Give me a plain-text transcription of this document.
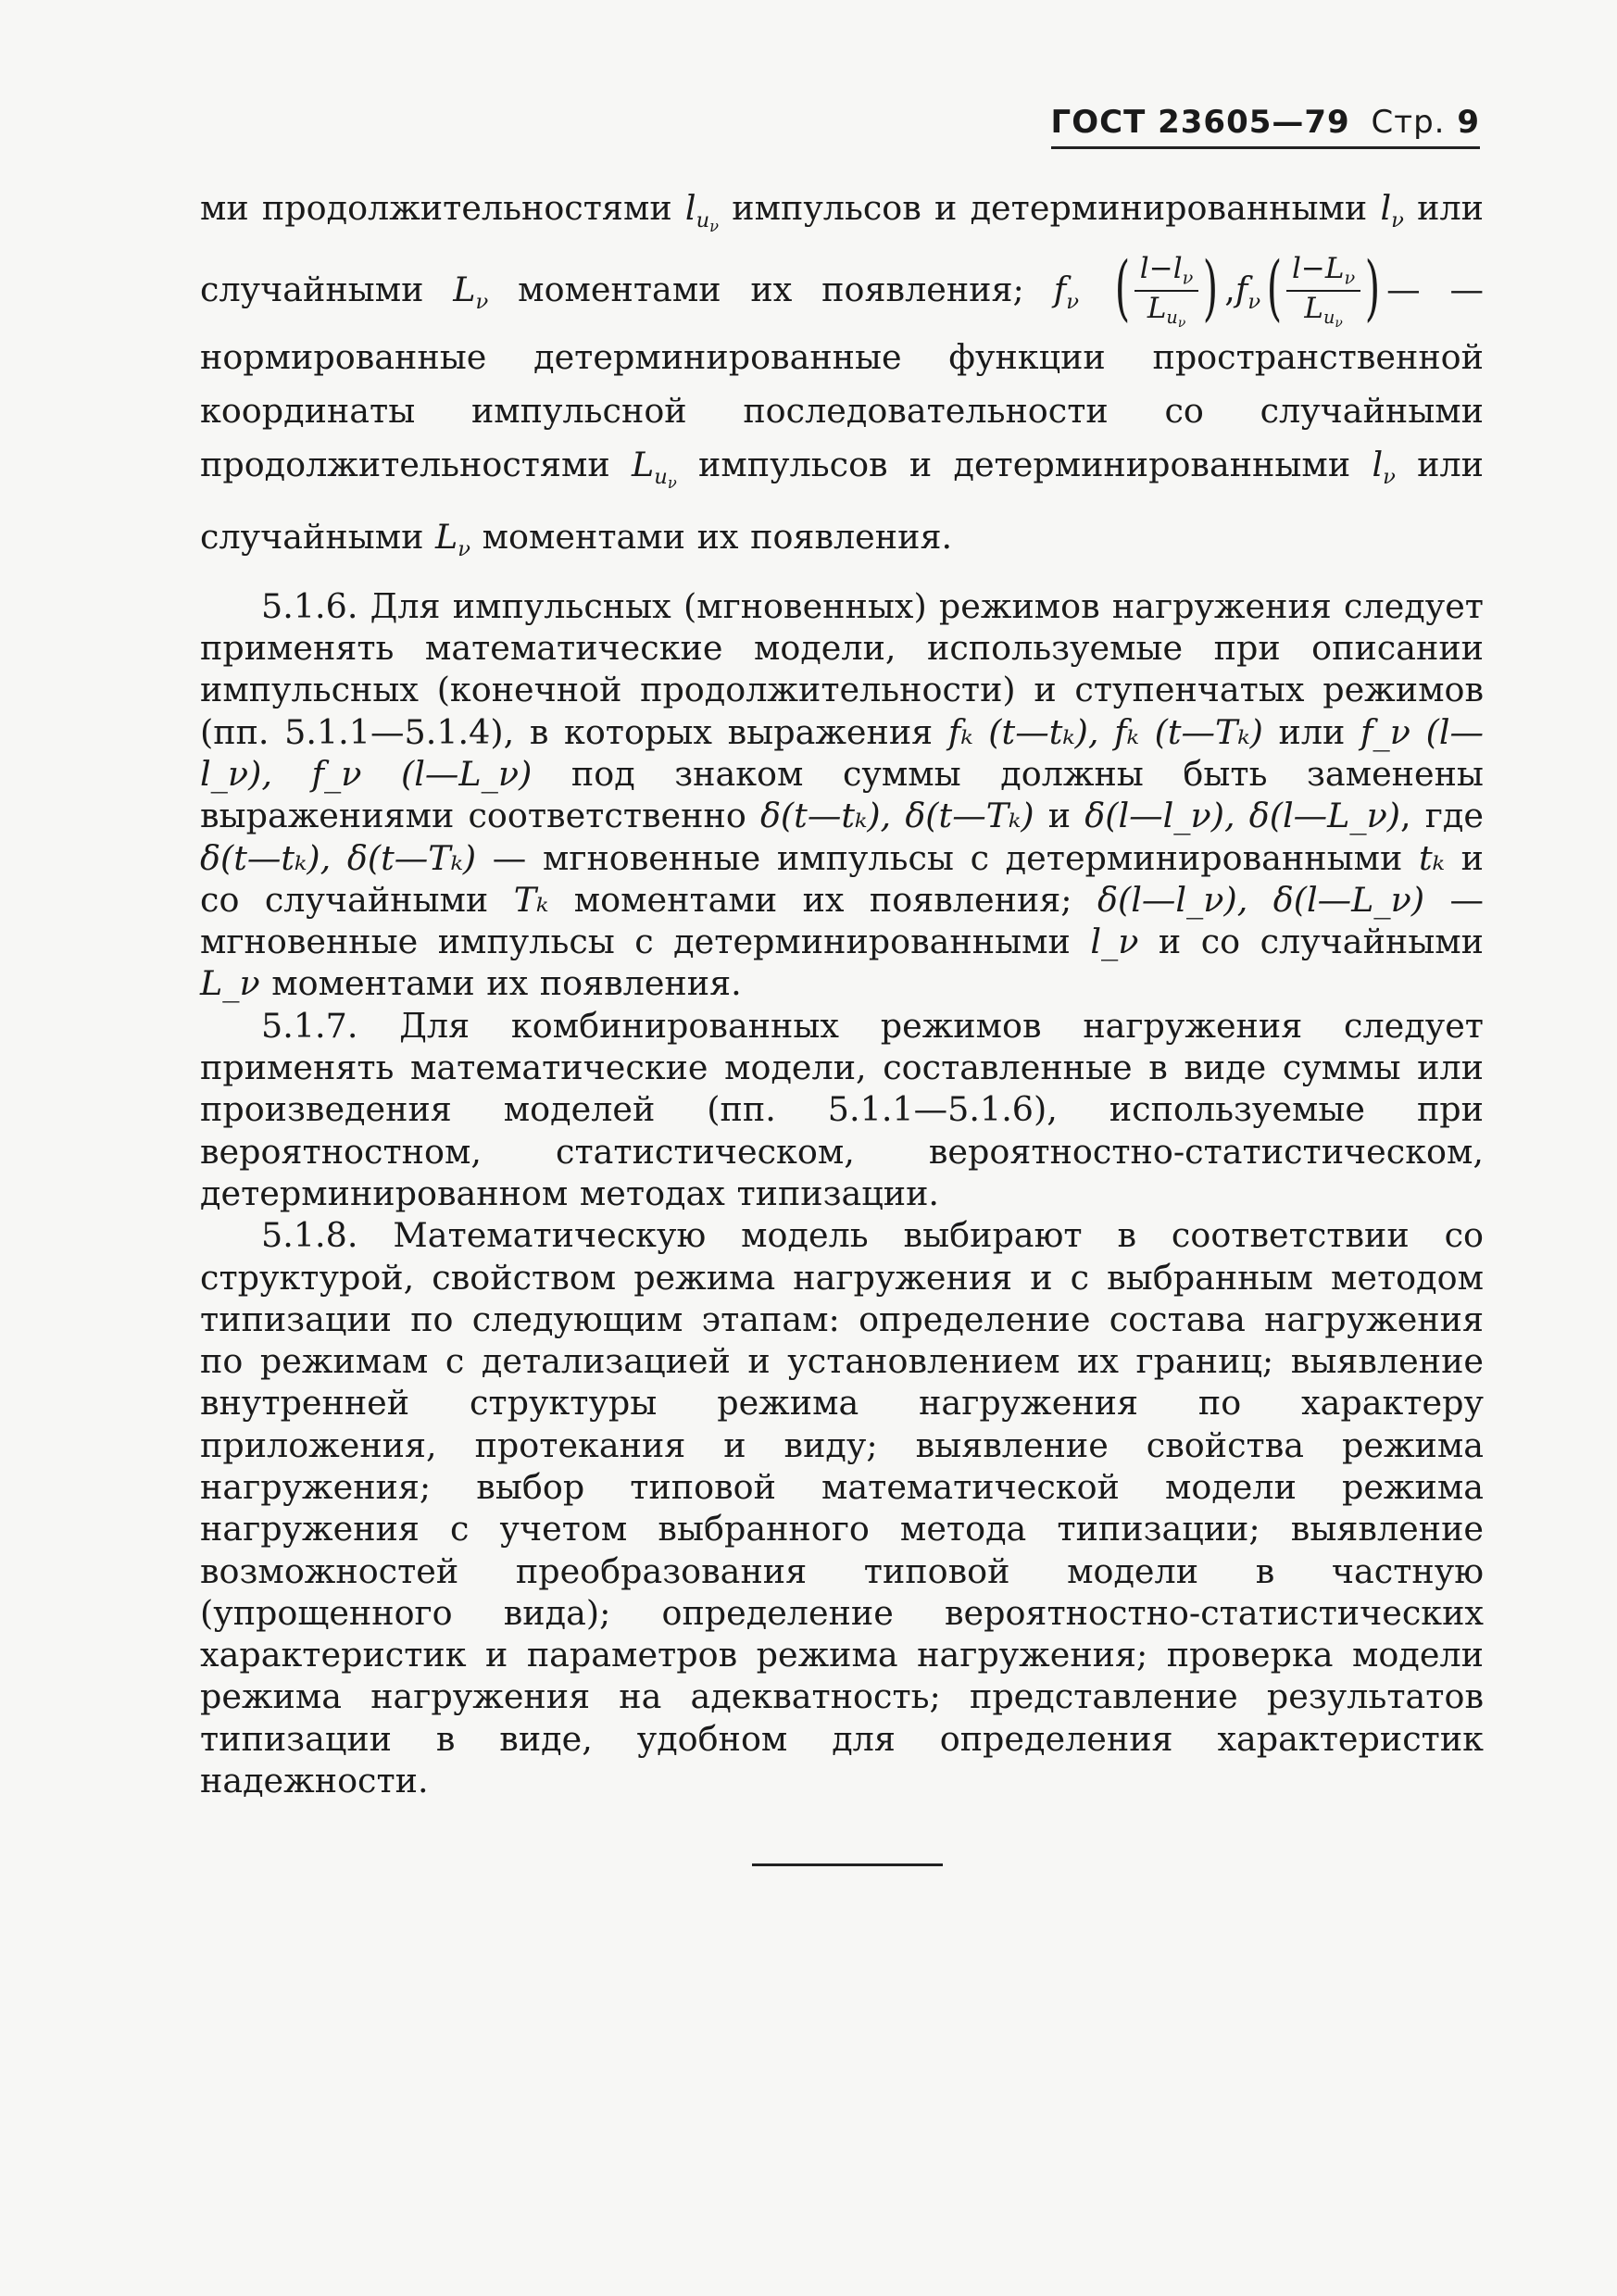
ГОСТ 23605—79 Стр. 9

ми продолжительностями $l_{u_\nu}$ импульсов и детерминированными $l_\nu$ или случайными $L_\nu$ моментами их появления; $f_\nu$ ( $\frac{l-l_\nu}{L_{u_\nu}}$ ) $,f_\nu$ ( $\frac{l-L_\nu}{L_{u_\nu}}$ ) — — нормированные детерминированные функции пространственной координаты импульсной последовательности со случайными продолжительностями $L_{u_\nu}$ импульсов и детерминированными $l_\nu$ или случайными $L_\nu$ моментами их появления.

5.1.6. Для импульсных (мгновенных) режимов нагружения следует применять математические модели, используемые при описании импульсных (конечной продолжительности) и ступенчатых режимов (пп. 5.1.1—5.1.4), в которых выражения fₖ (t—tₖ), fₖ (t—Tₖ) или f_ν (l—l_ν), f_ν (l—L_ν) под знаком суммы должны быть заменены выражениями соответственно δ(t—tₖ), δ(t—Tₖ) и δ(l—l_ν), δ(l—L_ν), где δ(t—tₖ), δ(t—Tₖ) — мгновенные импульсы с детерминированными tₖ и со случайными Tₖ моментами их появления; δ(l—l_ν), δ(l—L_ν) — мгновенные импульсы с детерминированными l_ν и со случайными L_ν моментами их появления.

5.1.7. Для комбинированных режимов нагружения следует применять математические модели, составленные в виде суммы или произведения моделей (пп. 5.1.1—5.1.6), используемые при вероятностном, статистическом, вероятностно-статистическом, детерминированном методах типизации.

5.1.8. Математическую модель выбирают в соответствии со структурой, свойством режима нагружения и с выбранным методом типизации по следующим этапам: определение состава нагружения по режимам с детализацией и установлением их границ; выявление внутренней структуры режима нагружения по характеру приложения, протекания и виду; выявление свойства режима нагружения; выбор типовой математической модели режима нагружения с учетом выбранного метода типизации; выявление возможностей преобразования типовой модели в частную (упрощенного вида); определение вероятностно-статистических характеристик и параметров режима нагружения; проверка модели режима нагружения на адекватность; представление результатов типизации в виде, удобном для определения характеристик надежности.
